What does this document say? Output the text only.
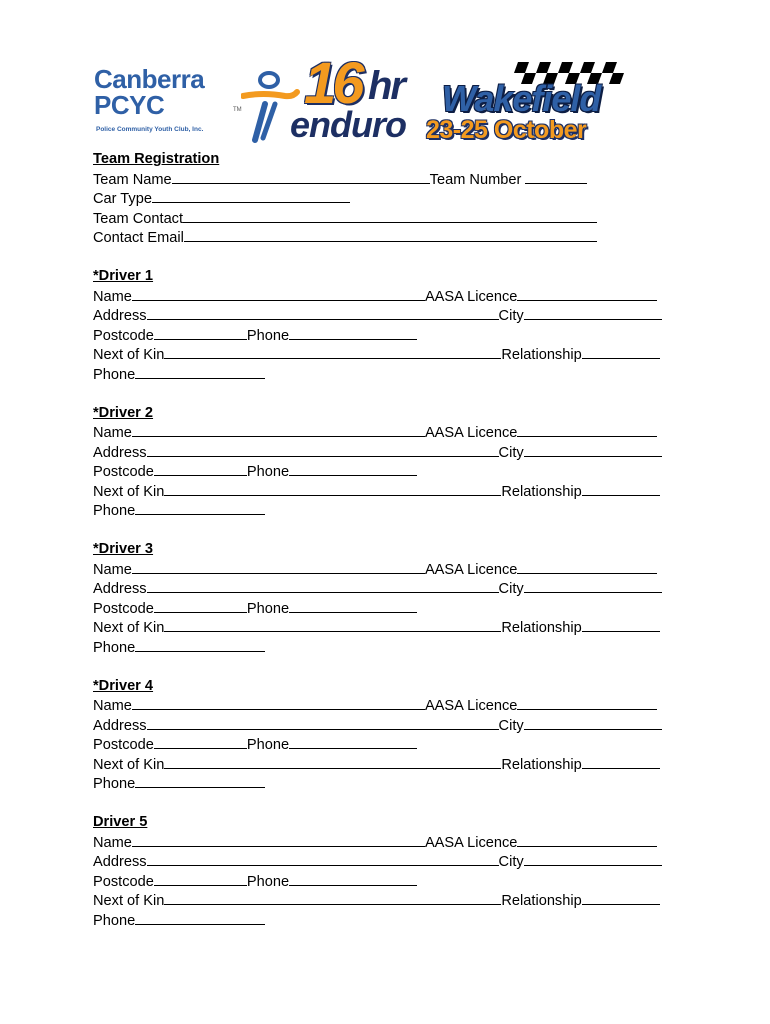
Canberra
PCYC	TM
Police Community Youth Club, Inc.
16 hr
enduro
Wakefield
23-25 October
Team Registration
Team Name	Team Number
Car Type
Team Contact
Contact Email
*Driver 1
Name	AASA Licence
Address	City
Postcode	Phone
Next of Kin	Relationship
Phone
*Driver 2
Name	AASA Licence
Address	City
Postcode	Phone
Next of Kin	Relationship
Phone
*Driver 3
Name	AASA Licence
Address	City
Postcode	Phone
Next of Kin	Relationship
Phone
*Driver 4
Name	AASA Licence
Address	City
Postcode	Phone
Next of Kin	Relationship
Phone
Driver 5
Name	AASA Licence
Address	City
Postcode	Phone
Next of Kin	Relationship
Phone
